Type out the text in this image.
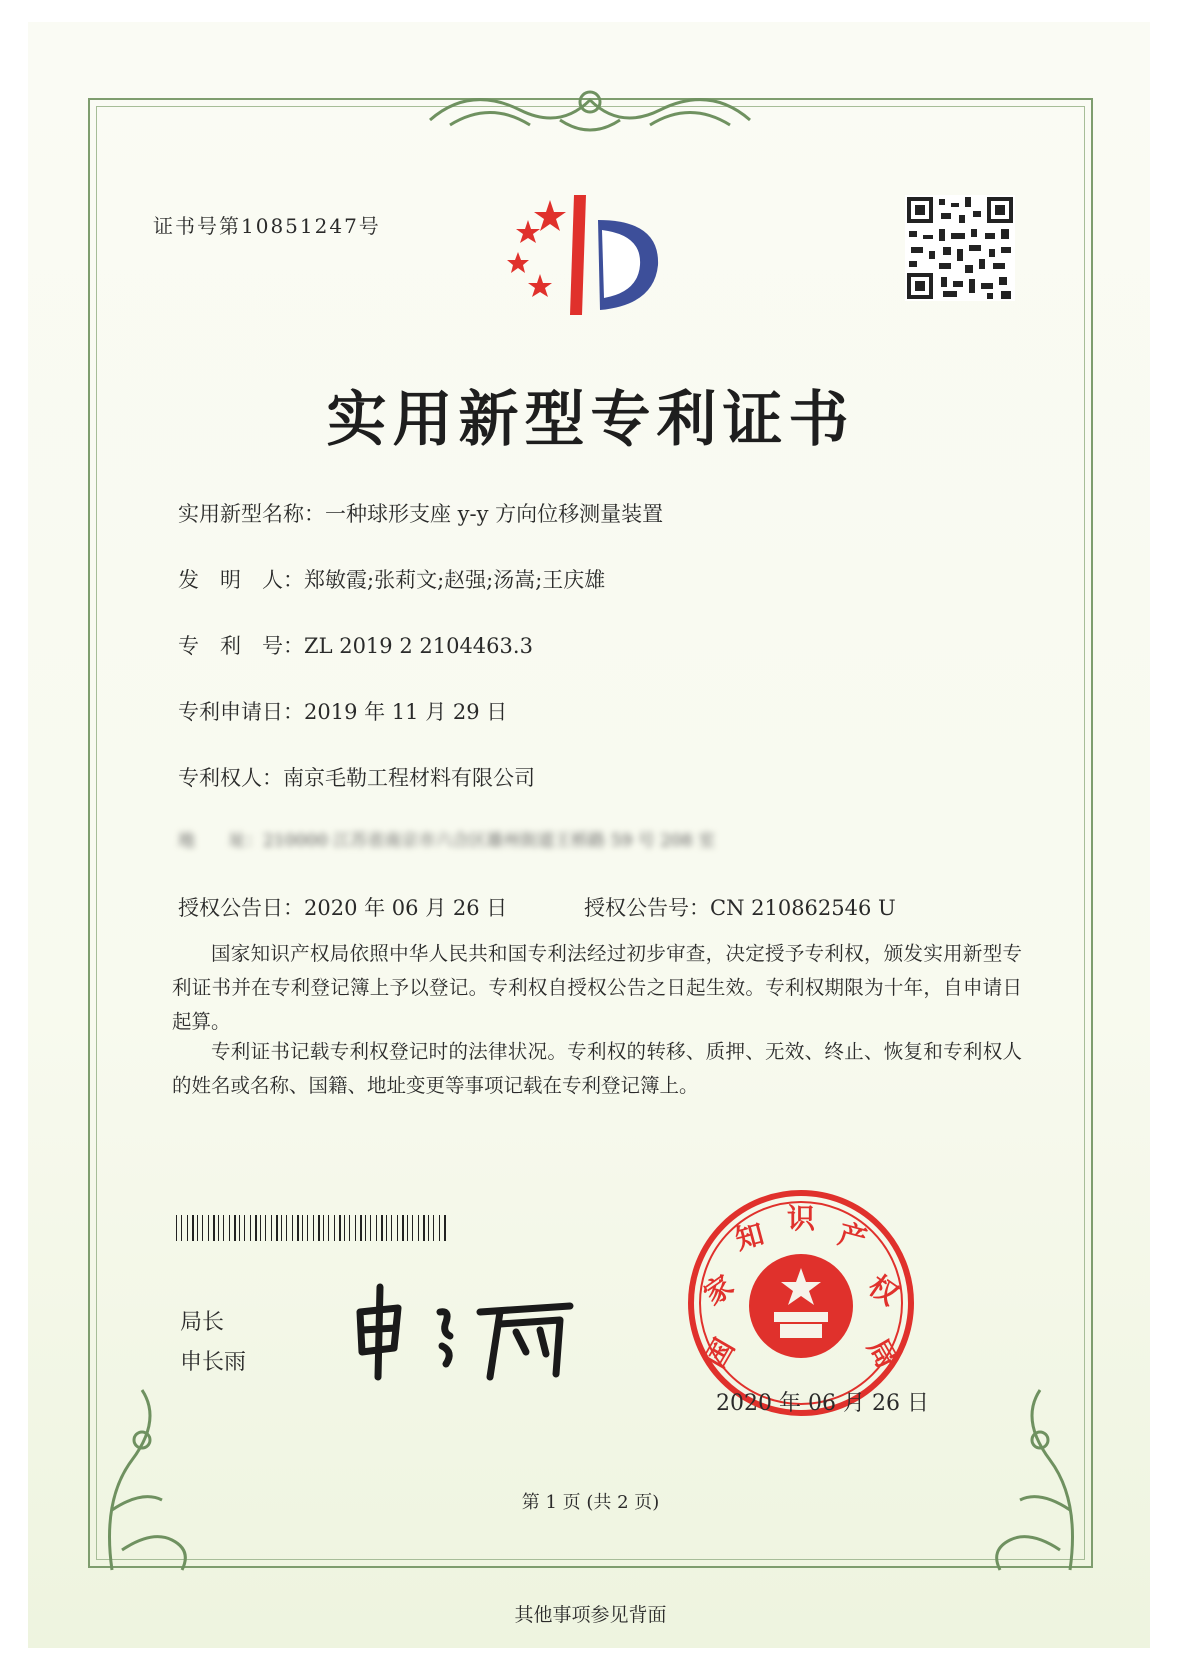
证书号第10851247号
实用新型专利证书
实用新型名称：一种球形支座 y-y 方向位移测量装置
发　明　人：郑敏霞;张莉文;赵强;汤嵩;王庆雄
专　利　号：ZL 2019 2 2104463.3
专利申请日：2019 年 11 月 29 日
专利权人：南京毛勒工程材料有限公司
地　　址：210000 江苏省南京市六合区雄州街道王桥路 59 号 208 室
授权公告日：2020 年 06 月 26 日	授权公告号：CN 210862546 U
国家知识产权局依照中华人民共和国专利法经过初步审查，决定授予专利权，颁发实用新型专利证书并在专利登记簿上予以登记。专利权自授权公告之日起生效。专利权期限为十年，自申请日起算。
专利证书记载专利权登记时的法律状况。专利权的转移、质押、无效、终止、恢复和专利权人的姓名或名称、国籍、地址变更等事项记载在专利登记簿上。
局长
申长雨	国
家
知 识 产
权
局
2020 年 06 月 26 日
第 1 页 (共 2 页)
其他事项参见背面
